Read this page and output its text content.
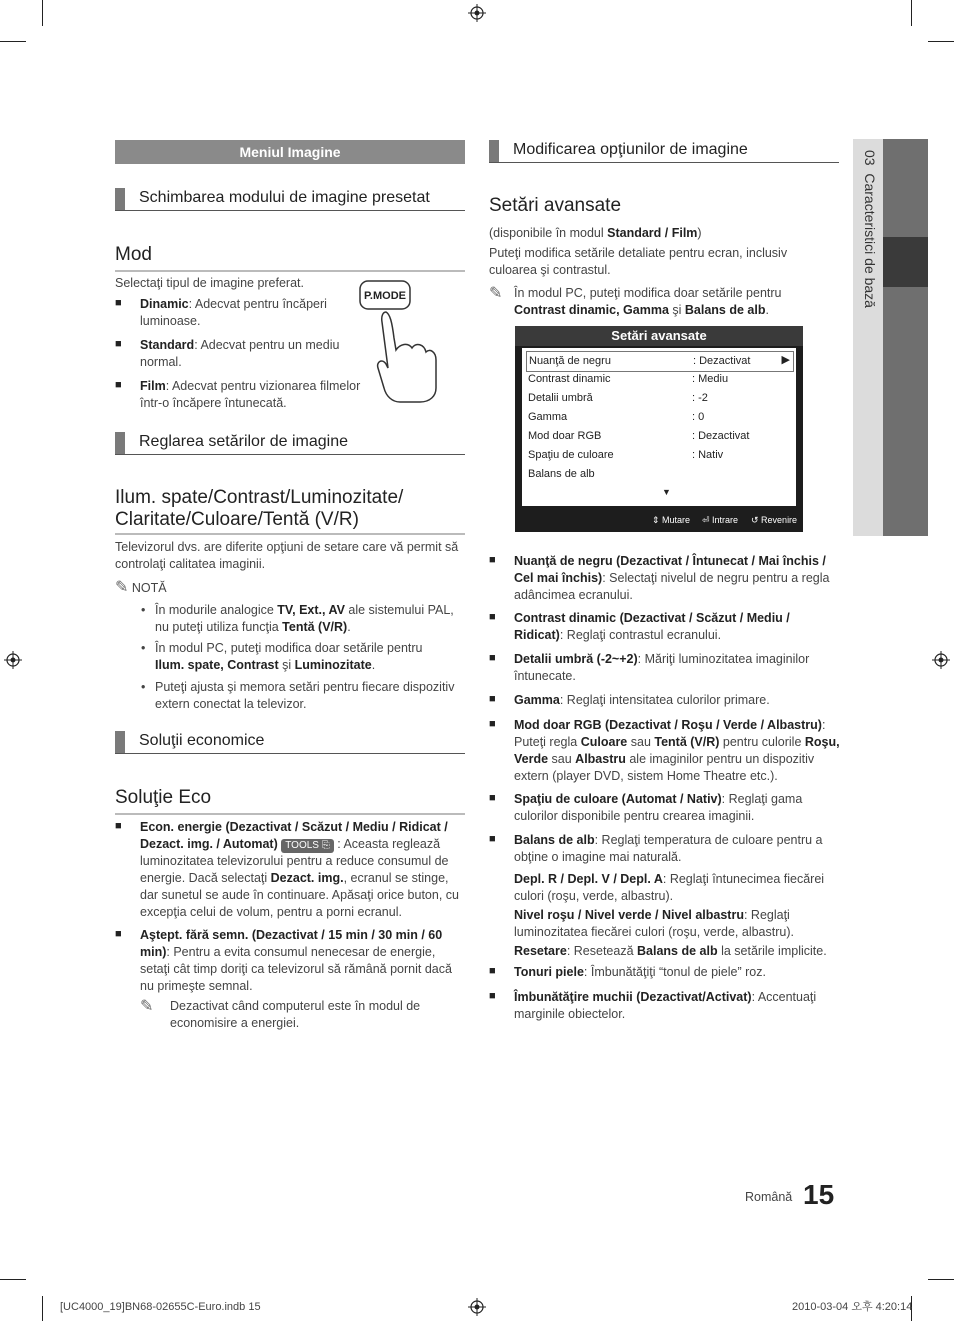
03  Caracteristici de bază
Meniul Imagine
Schimbarea modului de imagine presetat
Mod
Selectaţi tipul de imagine preferat.
■ Dinamic: Adecvat pentru încăperi luminoase.
■ Standard: Adecvat pentru un mediu normal.
■ Film: Adecvat pentru vizionarea filmelor într-o încăpere întunecată.
P.MODE
Reglarea setărilor de imagine
Ilum. spate/Contrast/Luminozitate/
Claritate/Culoare/Tentă (V/R)
Televizorul dvs. are diferite opţiuni de setare care vă permit să controlaţi calitatea imaginii.
✎ NOTĂ
• În modurile analogice TV, Ext., AV ale sistemului PAL, nu puteţi utiliza funcţia Tentă (V/R).
• În modul PC, puteţi modifica doar setările pentru Ilum. spate, Contrast şi Luminozitate.
• Puteţi ajusta şi memora setări pentru fiecare dispozitiv extern conectat la televizor.
Soluţii economice
Soluţie Eco
■ Econ. energie (Dezactivat / Scăzut / Mediu / Ridicat / Dezact. img. / Automat) TOOLS ⎘ : Aceasta reglează luminozitatea televizorului pentru a reduce consumul de energie. Dacă selectaţi Dezact. img., ecranul se stinge, dar sunetul se aude în continuare. Apăsaţi orice buton, cu excepţia celui de volum, pentru a porni ecranul.
■ Aştept. fără semn. (Dezactivat / 15 min / 30 min / 60 min): Pentru a evita consumul nenecesar de energie, setaţi cât timp doriţi ca televizorul să rămână pornit dacă nu primeşte semnal.
✎ Dezactivat când computerul este în modul de economisire a energiei.
Modificarea opţiunilor de imagine
Setări avansate
(disponibile în modul Standard / Film)
Puteţi modifica setările detaliate pentru ecran, inclusiv culoarea şi contrastul.
✎ În modul PC, puteţi modifica doar setările pentru Contrast dinamic, Gamma şi Balans de alb.
Setări avansate
Nuanţă de negru	: Dezactivat	▶
Contrast dinamic	: Mediu
Detalii umbră	: -2
Gamma	: 0
Mod doar RGB	: Dezactivat
Spaţiu de culoare	: Nativ
Balans de alb
▼
⇕ Mutare ⏎ Intrare ↺ Revenire
■ Nuanţă de negru (Dezactivat / Întunecat / Mai închis / Cel mai închis): Selectaţi nivelul de negru pentru a regla adâncimea ecranului.
■ Contrast dinamic (Dezactivat / Scăzut / Mediu / Ridicat): Reglaţi contrastul ecranului.
■ Detalii umbră (-2~+2): Măriţi luminozitatea imaginilor întunecate.
■ Gamma: Reglaţi intensitatea culorilor primare.
■ Mod doar RGB (Dezactivat / Roşu / Verde / Albastru): Puteţi regla Culoare sau Tentă (V/R) pentru culorile Roşu, Verde sau Albastru ale imaginilor pentru un dispozitiv extern (player DVD, sistem Home Theatre etc.).
■ Spaţiu de culoare (Automat / Nativ): Reglaţi gama culorilor disponibile pentru crearea imaginii.
■ Balans de alb: Reglaţi temperatura de culoare pentru a obţine o imagine mai naturală.
Depl. R / Depl. V / Depl. A: Reglaţi întunecimea fiecărei culori (roşu, verde, albastru).
Nivel roşu / Nivel verde / Nivel albastru: Reglaţi luminozitatea fiecărei culori (roşu, verde, albastru).
Resetare: Resetează Balans de alb la setările implicite.
■ Tonuri piele: Îmbunătăţiţi “tonul de piele” roz.
■ Îmbunătăţire muchii (Dezactivat/Activat): Accentuaţi marginile obiectelor.
Română 15
[UC4000_19]BN68-02655C-Euro.indb 15	2010-03-04 오후 4:20:14
